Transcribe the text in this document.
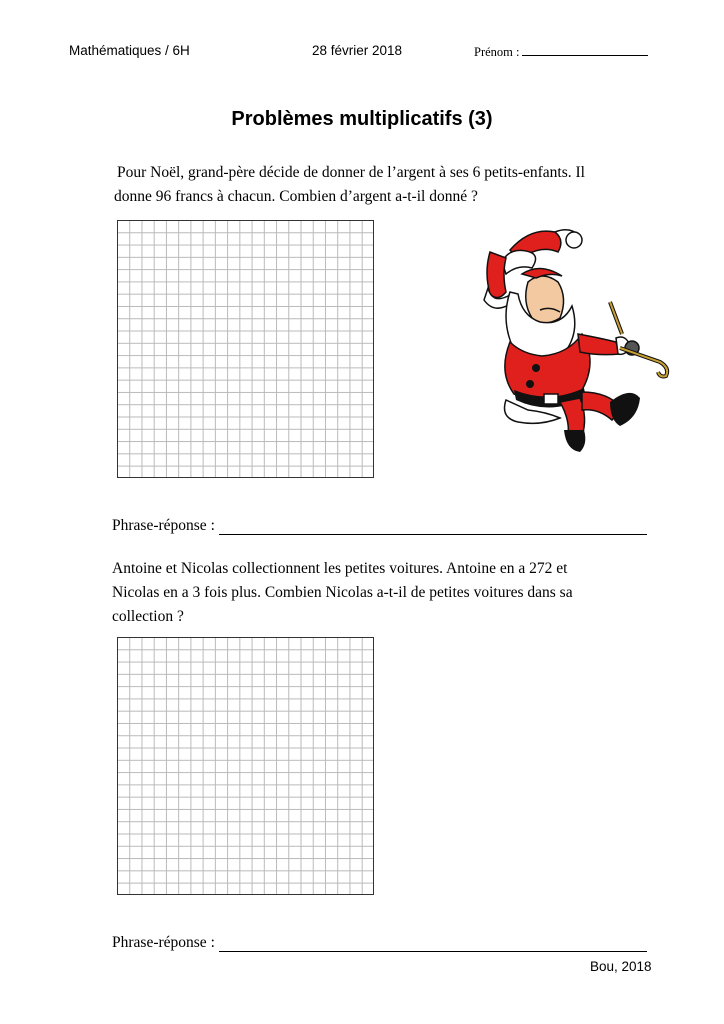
Mathématiques / 6H	28 février 2018	Prénom :
Problèmes multiplicatifs (3)
Pour Noël, grand-père décide de donner de l’argent à ses 6 petits-enfants. Il
donne 96 francs à chacun. Combien d’argent a-t-il donné ?
Phrase-réponse :
Antoine et Nicolas collectionnent les petites voitures. Antoine en a 272 et
Nicolas en a 3 fois plus. Combien Nicolas a-t-il de petites voitures dans sa
collection ?
Phrase-réponse :
Bou, 2018
